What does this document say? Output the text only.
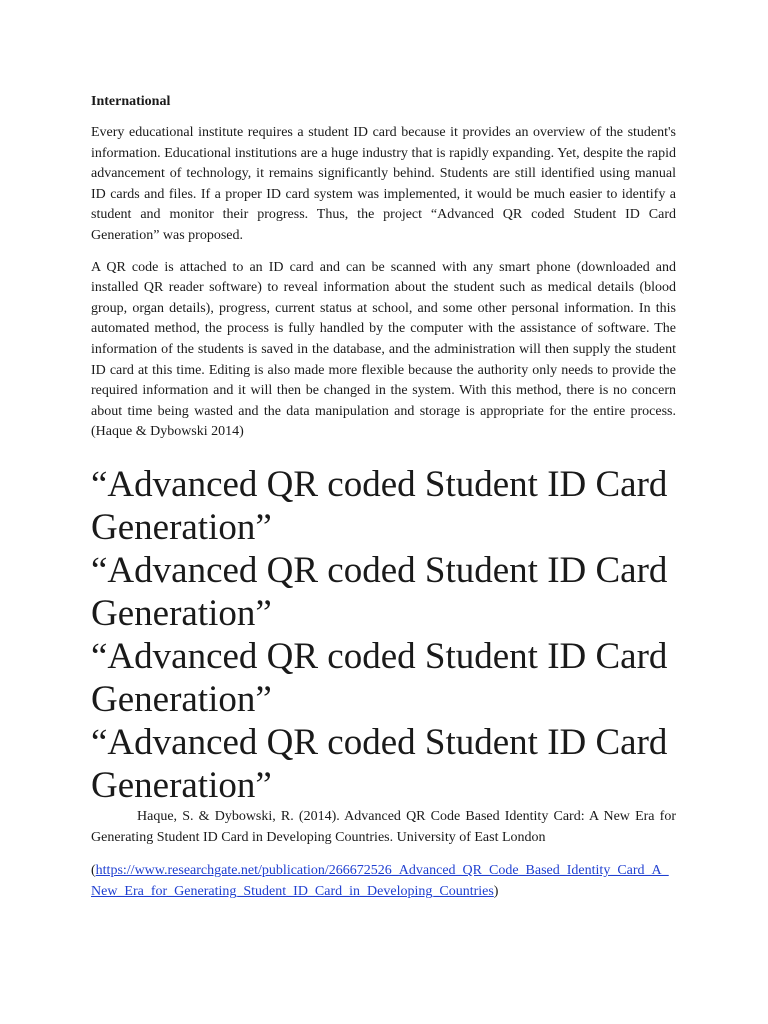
International

Every educational institute requires a student ID card because it provides an overview of the student's information. Educational institutions are a huge industry that is rapidly expanding. Yet, despite the rapid advancement of technology, it remains significantly behind. Students are still identified using manual ID cards and files. If a proper ID card system was implemented, it would be much easier to identify a student and monitor their progress. Thus, the project “Advanced QR coded Student ID Card Generation” was proposed.

A QR code is attached to an ID card and can be scanned with any smart phone (downloaded and installed QR reader software) to reveal information about the student such as medical details (blood group, organ details), progress, current status at school, and some other personal information. In this automated method, the process is fully handled by the computer with the assistance of software. The information of the students is saved in the database, and the administration will then supply the student ID card at this time. Editing is also made more flexible because the authority only needs to provide the required information and it will then be changed in the system. With this method, there is no concern about time being wasted and the data manipulation and storage is appropriate for the entire process. (Haque & Dybowski 2014)

“Advanced QR coded Student ID Card Generation”

“Advanced QR coded Student ID Card Generation”

“Advanced QR coded Student ID Card Generation”

“Advanced QR coded Student ID Card Generation”

Haque, S. & Dybowski, R. (2014). Advanced QR Code Based Identity Card: A New Era for Generating Student ID Card in Developing Countries. University of East London

(https://www.researchgate.net/publication/266672526_Advanced_QR_Code_Based_Identity_Card_A_New_Era_for_Generating_Student_ID_Card_in_Developing_Countries)
